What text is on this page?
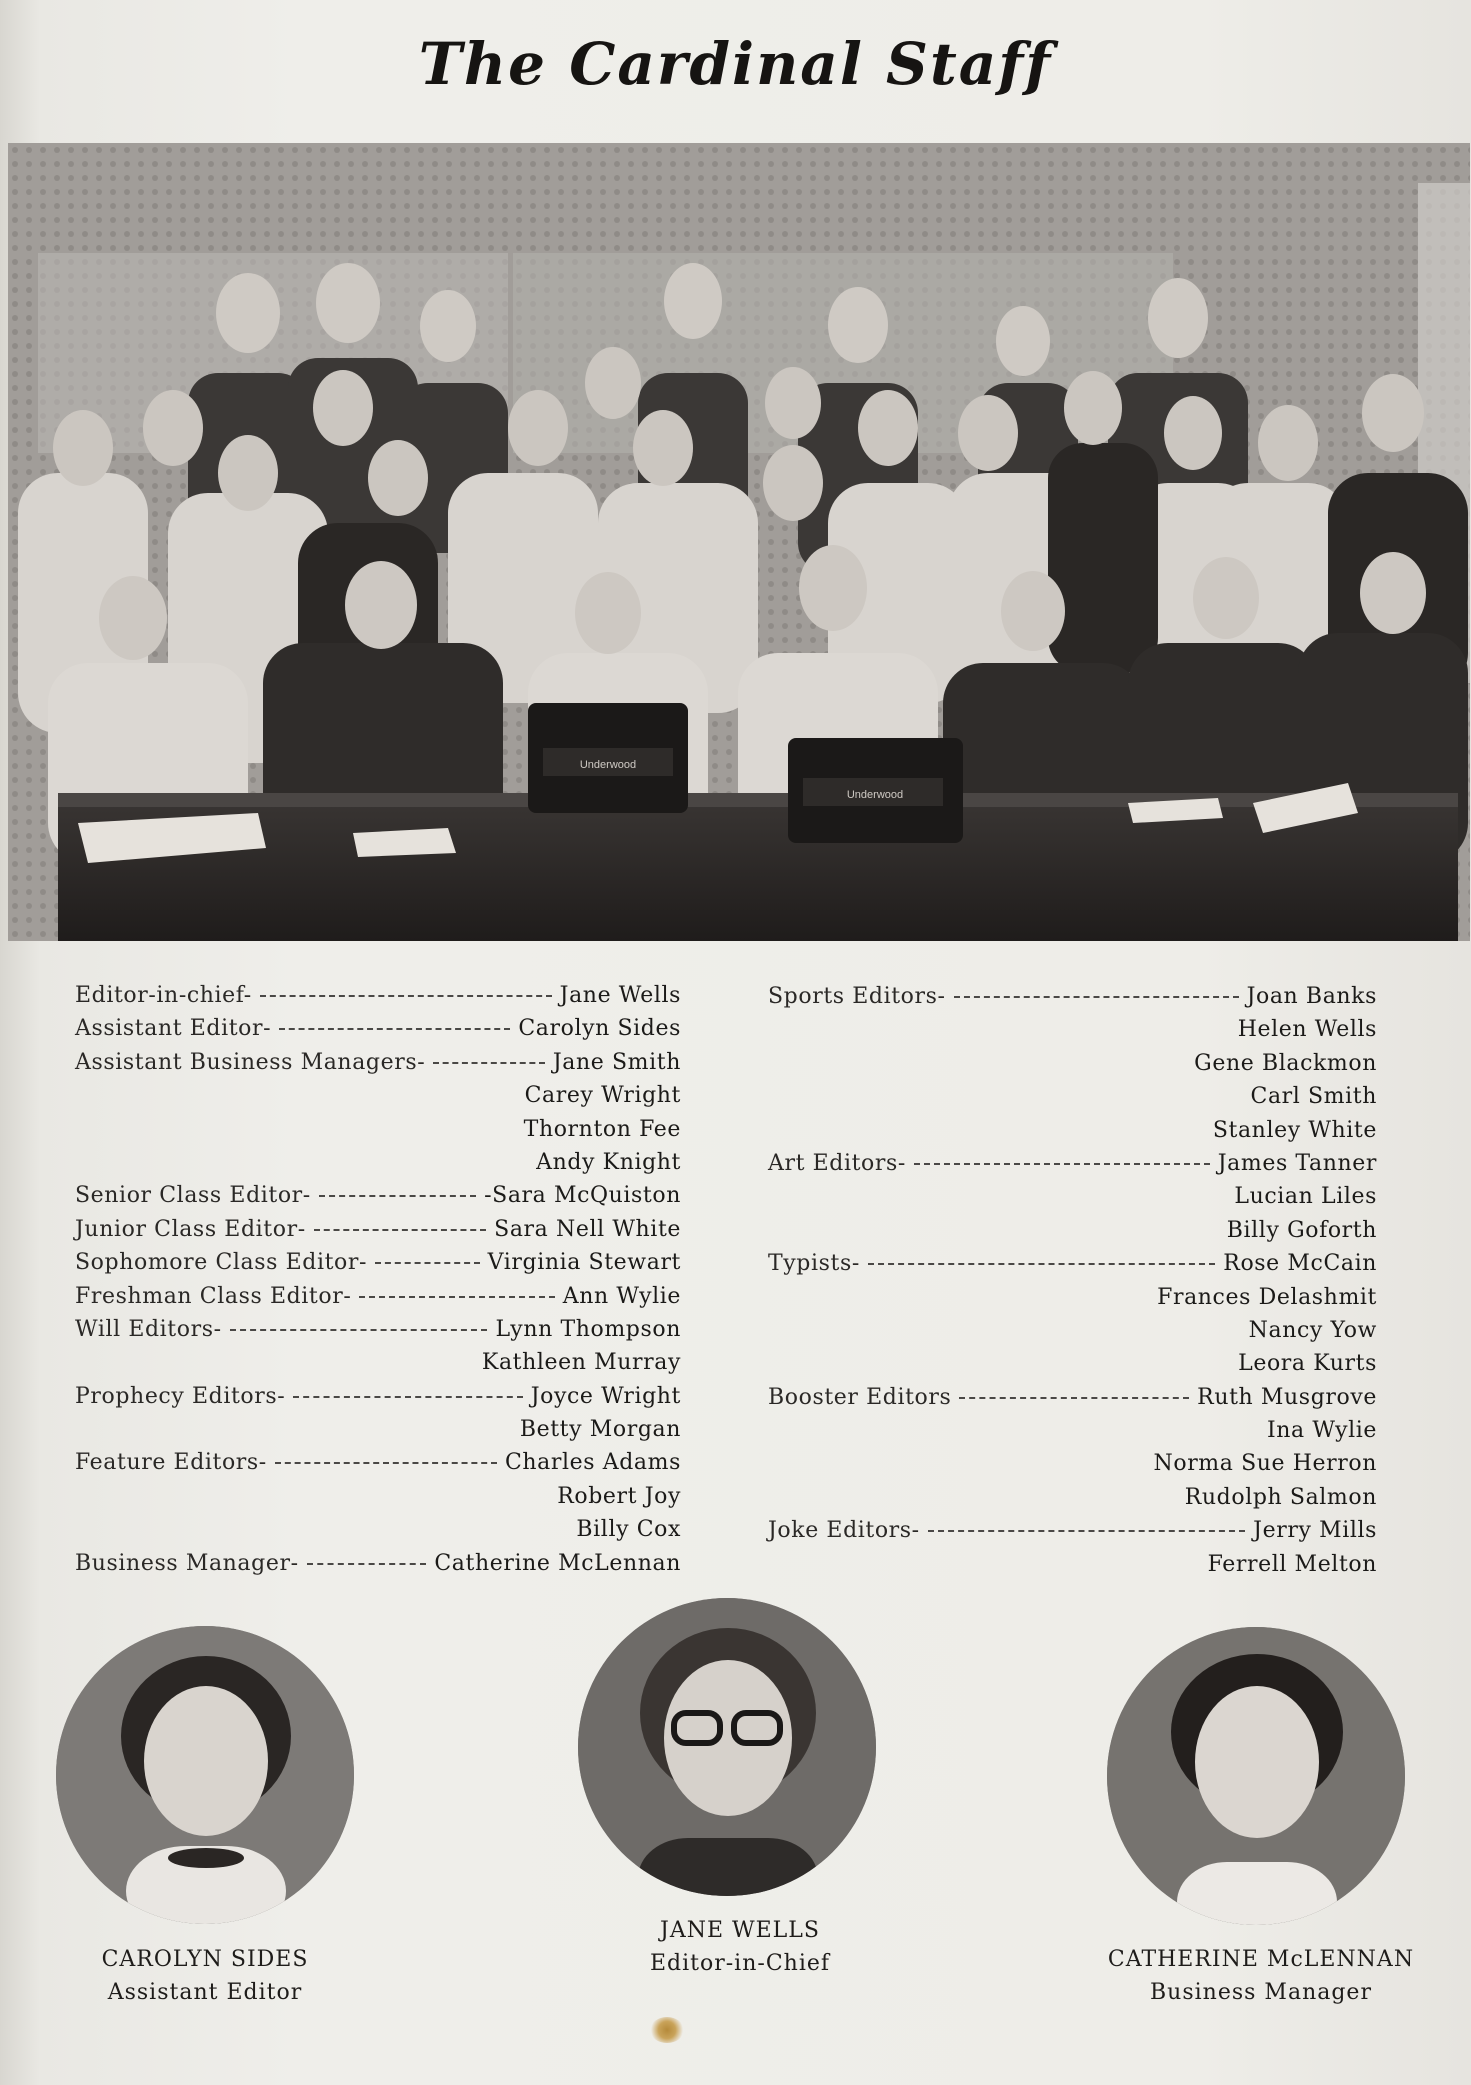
The Cardinal Staff
Underwood
Underwood
Editor-in-chief-	Jane Wells
Assistant Editor-	Carolyn Sides
Assistant Business Managers-	Jane Smith
Carey Wright
Thornton Fee
Andy Knight
Senior Class Editor-	-Sara McQuiston
Junior Class Editor-	Sara Nell White
Sophomore Class Editor-	Virginia Stewart
Freshman Class Editor-	Ann Wylie
Will Editors-	Lynn Thompson
Kathleen Murray
Prophecy Editors-	Joyce Wright
Betty Morgan
Feature Editors-	Charles Adams
Robert Joy
Billy Cox
Business Manager-	Catherine McLennan
Sports Editors-	Joan Banks
Helen Wells
Gene Blackmon
Carl Smith
Stanley White
Art Editors-	James Tanner
Lucian Liles
Billy Goforth
Typists-	Rose McCain
Frances Delashmit
Nancy Yow
Leora Kurts
Booster Editors	Ruth Musgrove
Ina Wylie
Norma Sue Herron
Rudolph Salmon
Joke Editors-	Jerry Mills
Ferrell Melton
CAROLYN SIDES
Assistant Editor
JANE WELLS
Editor-in-Chief	CATHERINE McLENNAN
Business Manager
